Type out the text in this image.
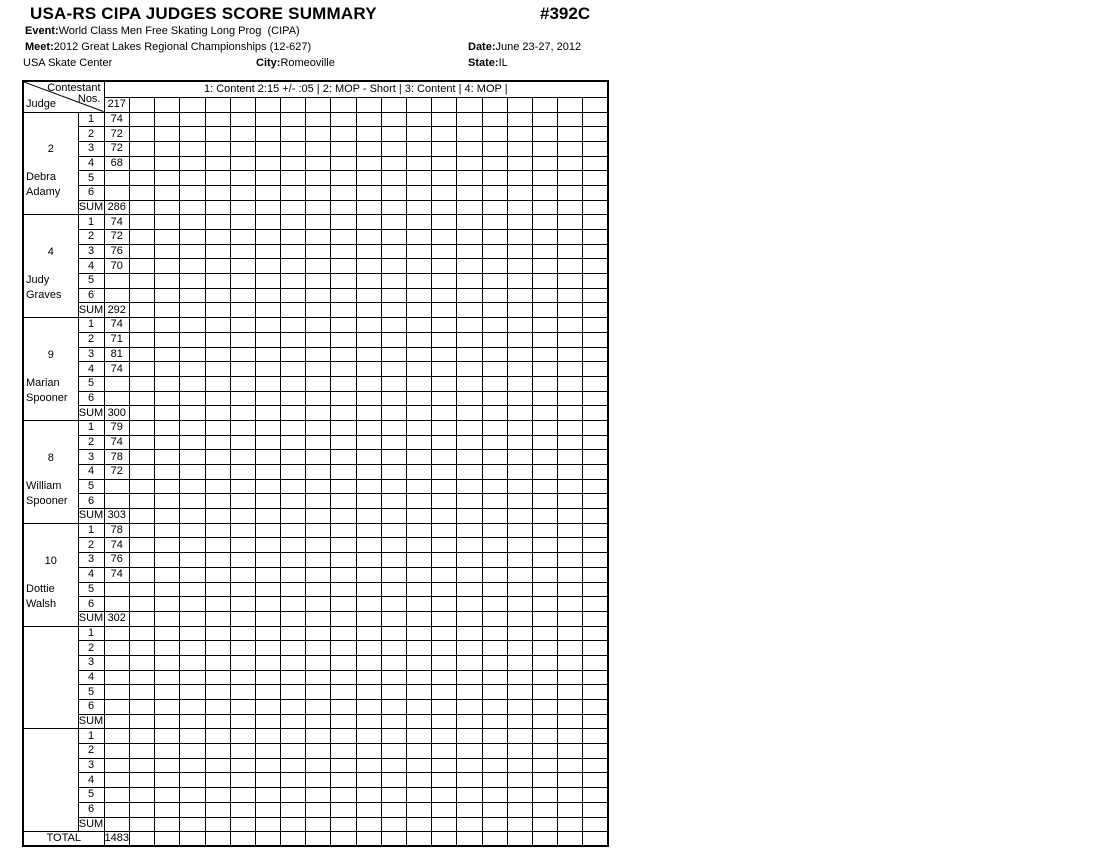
USA-RS CIPA JUDGES SCORE SUMMARY	#392C
Event:World Class Men Free Skating Long Prog  (CIPA)
Meet:2012 Great Lakes Regional Championships (12-627)	Date:June 23-27, 2012
USA Skate Center	City:Romeoville	State:IL
Contestant
Nos.
Judge		1: Content 2:15 +/- :05 | 2: MOP - Short | 3: Content | 4: MOP |																			
		217																			

2
Debra
Adamy	1	74																			
	2	72																			
	3	72																			
	4	68																			
	5																				
	6																				
	SUM	286																			

4
Judy
Graves	1	74																			
	2	72																			
	3	76																			
	4	70																			
	5																				
	6																				
	SUM	292																			

9
Marian
Spooner	1	74																			
	2	71																			
	3	81																			
	4	74																			
	5																				
	6																				
	SUM	300																			

8
William
Spooner	1	79																			
	2	74																			
	3	78																			
	4	72																			
	5																				
	6																				
	SUM	303																			

10
Dottie
Walsh	1	78																			
	2	74																			
	3	76																			
	4	74																			
	5																				
	6																				
	SUM	302																			

	1																				
	2																				
	3																				
	4																				
	5																				
	6																				
	SUM																				

	1																				
	2																				
	3																				
	4																				
	5																				
	6																				
	SUM																				
TOTAL		1483																			
